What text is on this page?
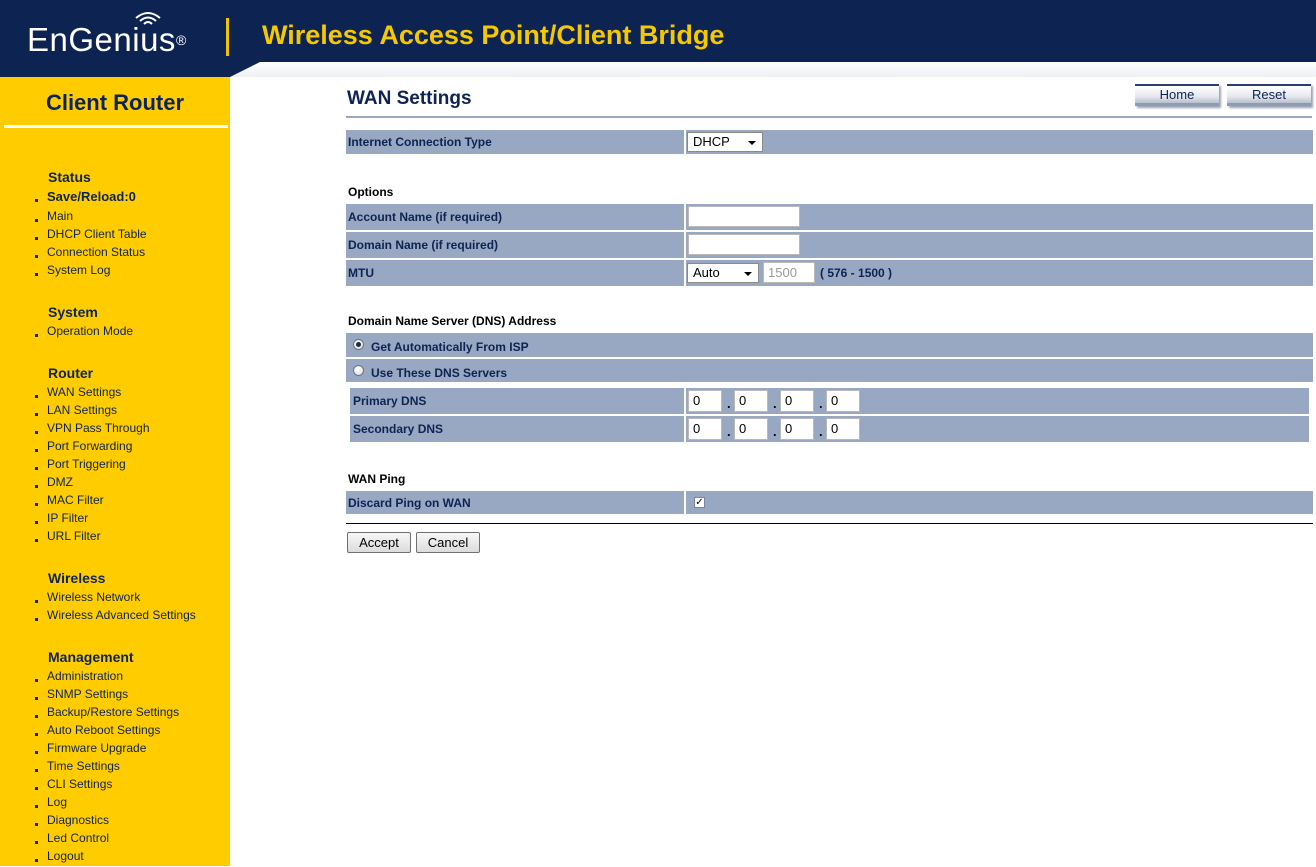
EnGenius®	Wireless Access Point/Client Bridge
Client Router
Status
Save/Reload:0
Main
DHCP Client Table
Connection Status
System Log
System
Operation Mode
Router
WAN Settings
LAN Settings
VPN Pass Through
Port Forwarding
Port Triggering
DMZ
MAC Filter
IP Filter
URL Filter
Wireless
Wireless Network
Wireless Advanced Settings
Management
Administration
SNMP Settings
Backup/Restore Settings
Auto Reboot Settings
Firmware Upgrade
Time Settings
CLI Settings
Log
Diagnostics
Led Control
Logout
WAN Settings	Home	Reset
Internet Connection Type	DHCP
Options
Account Name (if required)
Domain Name (if required)
MTU	Auto	1500	( 576 - 1500 )
Domain Name Server (DNS) Address
Get Automatically From ISP
Use These DNS Servers
Primary DNS	0	. 0	. 0	. 0
Secondary DNS	0	. 0	. 0	. 0
WAN Ping
Discard Ping on WAN	✓
Accept	Cancel
